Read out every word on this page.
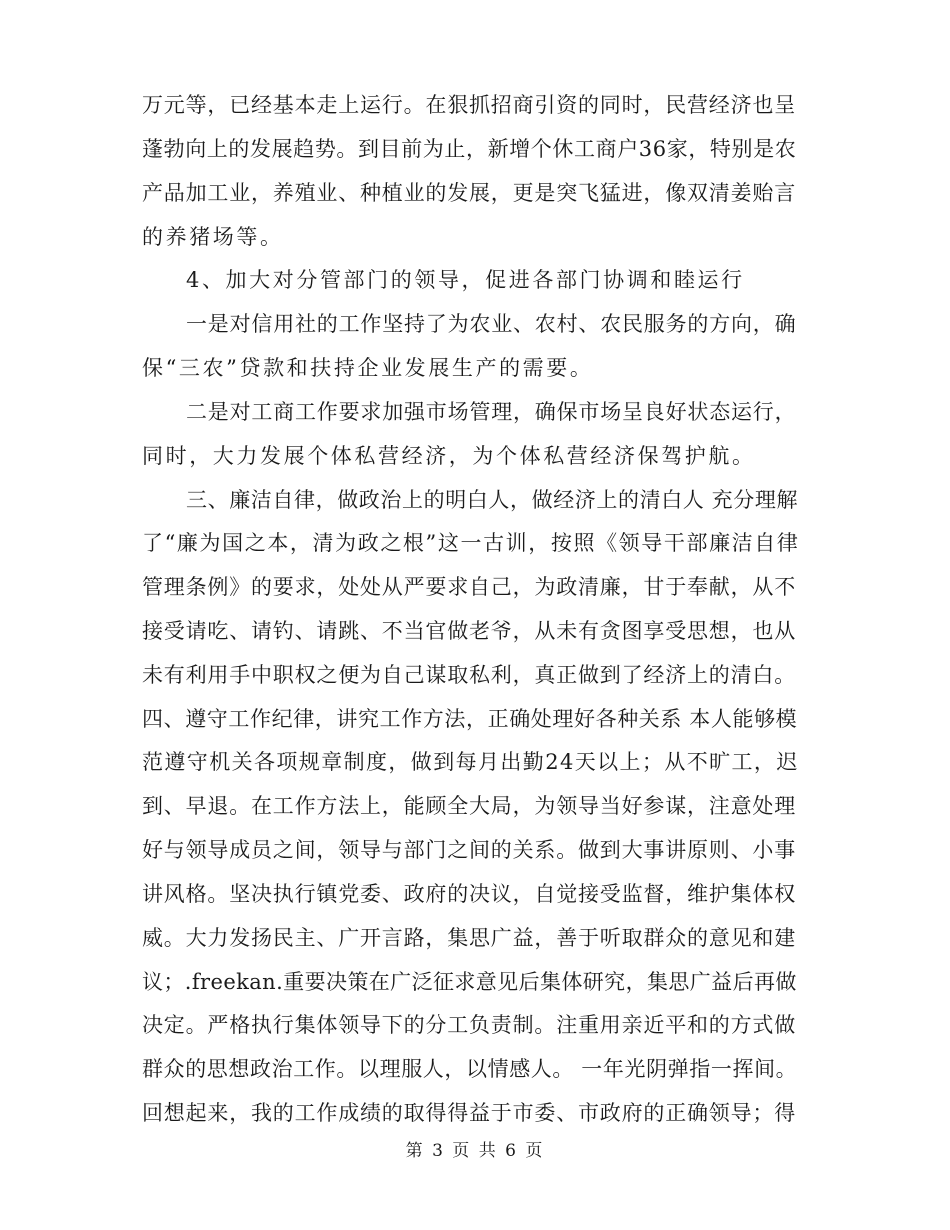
万元等，已经基本走上运行。在狠抓招商引资的同时，民营经济也呈
蓬勃向上的发展趋势。到目前为止，新增个休工商户36家，特别是农
产品加工业，养殖业、种植业的发展，更是突飞猛进，像双清姜贻言
的养猪场等。
4、加大对分管部门的领导，促进各部门协调和睦运行
一是对信用社的工作坚持了为农业、农村、农民服务的方向，确
保“三农”贷款和扶持企业发展生产的需要。
二是对工商工作要求加强市场管理，确保市场呈良好状态运行，
同时，大力发展个体私营经济，为个体私营经济保驾护航。
三、廉洁自律，做政治上的明白人，做经济上的清白人 充分理解
了“廉为国之本，清为政之根”这一古训，按照《领导干部廉洁自律
管理条例》的要求，处处从严要求自己，为政清廉，甘于奉献，从不
接受请吃、请钓、请跳、不当官做老爷，从未有贪图享受思想，也从
未有利用手中职权之便为自己谋取私利，真正做到了经济上的清白。
四、遵守工作纪律，讲究工作方法，正确处理好各种关系 本人能够模
范遵守机关各项规章制度，做到每月出勤24天以上；从不旷工，迟
到、早退。在工作方法上，能顾全大局，为领导当好参谋，注意处理
好与领导成员之间，领导与部门之间的关系。做到大事讲原则、小事
讲风格。坚决执行镇党委、政府的决议，自觉接受监督，维护集体权
威。大力发扬民主、广开言路，集思广益，善于听取群众的意见和建
议；.freekan.重要决策在广泛征求意见后集体研究，集思广益后再做
决定。严格执行集体领导下的分工负责制。注重用亲近平和的方式做
群众的思想政治工作。以理服人，以情感人。 一年光阴弹指一挥间。
回想起来，我的工作成绩的取得得益于市委、市政府的正确领导；得
第 3 页 共 6 页
